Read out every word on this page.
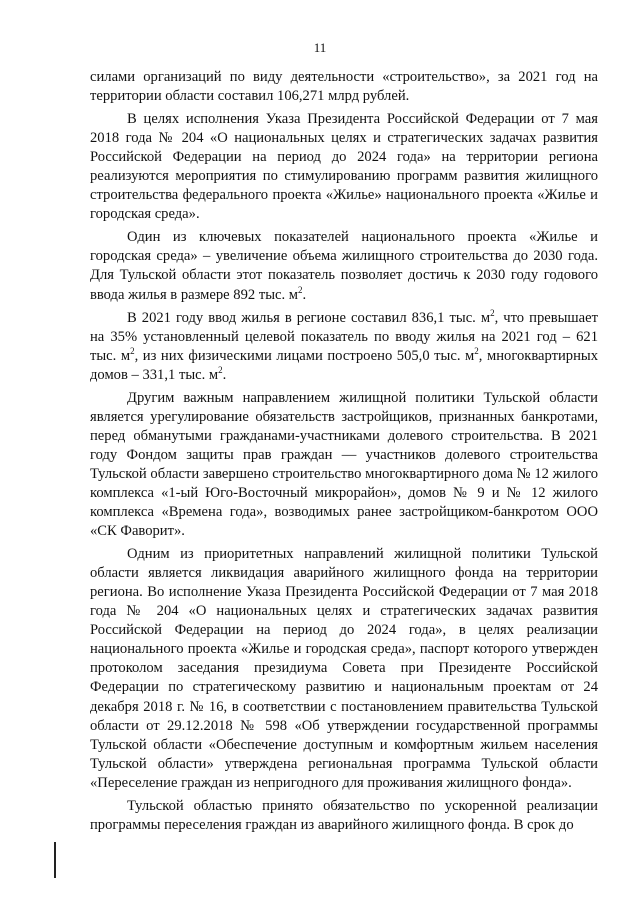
11

силами организаций по виду деятельности «строительство», за 2021 год на территории области составил 106,271 млрд рублей.

В целях исполнения Указа Президента Российской Федерации от 7 мая 2018 года № 204 «О национальных целях и стратегических задачах развития Российской Федерации на период до 2024 года» на территории региона реализуются мероприятия по стимулированию программ развития жилищного строительства федерального проекта «Жилье» национального проекта «Жилье и городская среда».

Один из ключевых показателей национального проекта «Жилье и городская среда» – увеличение объема жилищного строительства до 2030 года. Для Тульской области этот показатель позволяет достичь к 2030 году годового ввода жилья в размере 892 тыс. $м^2$.

В 2021 году ввод жилья в регионе составил 836,1 тыс. $м^2$, что превышает на 35% установленный целевой показатель по вводу жилья на 2021 год – 621 тыс. $м^2$, из них физическими лицами построено 505,0 тыс. $м^2$, многоквартирных домов – 331,1 тыс. $м^2$.

Другим важным направлением жилищной политики Тульской области является урегулирование обязательств застройщиков, признанных банкротами, перед обманутыми гражданами-участниками долевого строительства. В 2021 году Фондом защиты прав граждан — участников долевого строительства Тульской области завершено строительство многоквартирного дома № 12 жилого комплекса «1-ый Юго-Восточный микрорайон», домов № 9 и № 12 жилого комплекса «Времена года», возводимых ранее застройщиком-банкротом ООО «СК Фаворит».

Одним из приоритетных направлений жилищной политики Тульской области является ликвидация аварийного жилищного фонда на территории региона. Во исполнение Указа Президента Российской Федерации от 7 мая 2018 года № 204 «О национальных целях и стратегических задачах развития Российской Федерации на период до 2024 года», в целях реализации национального проекта «Жилье и городская среда», паспорт которого утвержден протоколом заседания президиума Совета при Президенте Российской Федерации по стратегическому развитию и национальным проектам от 24 декабря 2018 г. № 16, в соответствии с постановлением правительства Тульской области от 29.12.2018 № 598 «Об утверждении государственной программы Тульской области «Обеспечение доступным и комфортным жильем населения Тульской области» утверждена региональная программа Тульской области «Переселение граждан из непригодного для проживания жилищного фонда».

Тульской областью принято обязательство по ускоренной реализации программы переселения граждан из аварийного жилищного фонда. В срок до
